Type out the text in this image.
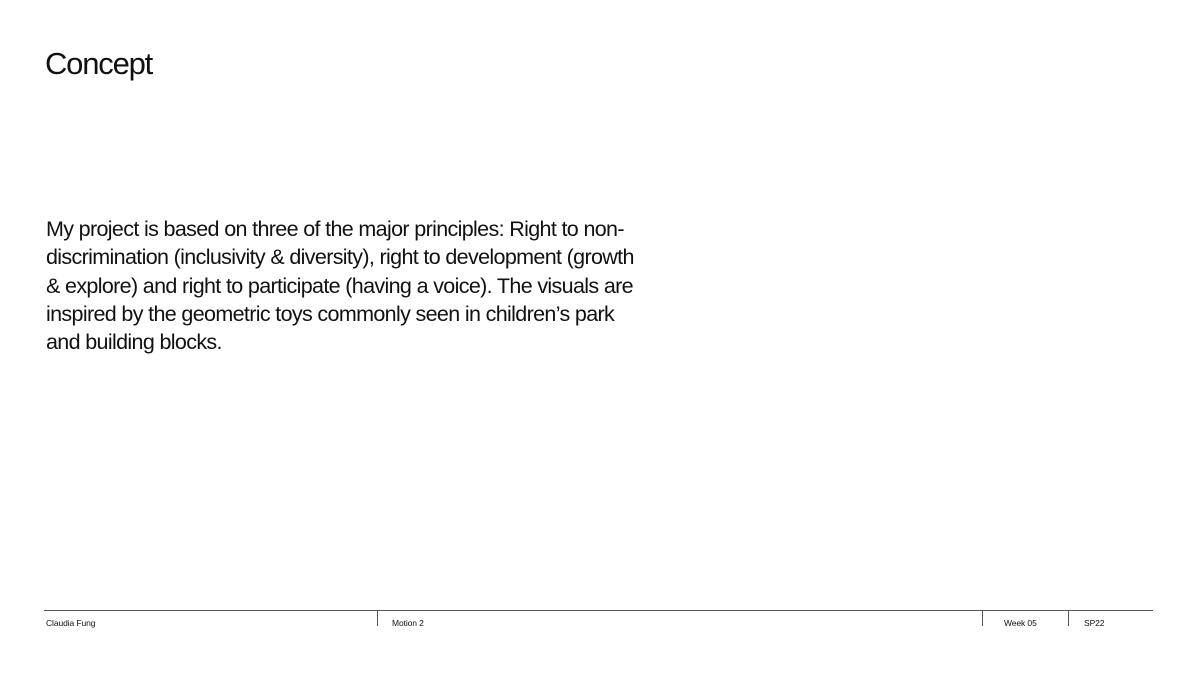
Concept

My project is based on three of the major principles: Right to non-discrimination (inclusivity & diversity), right to development (growth & explore) and right to participate (having a voice). The visuals are inspired by the geometric toys commonly seen in children’s park and building blocks.

Claudia Fung	Motion 2	Week 05	SP22
